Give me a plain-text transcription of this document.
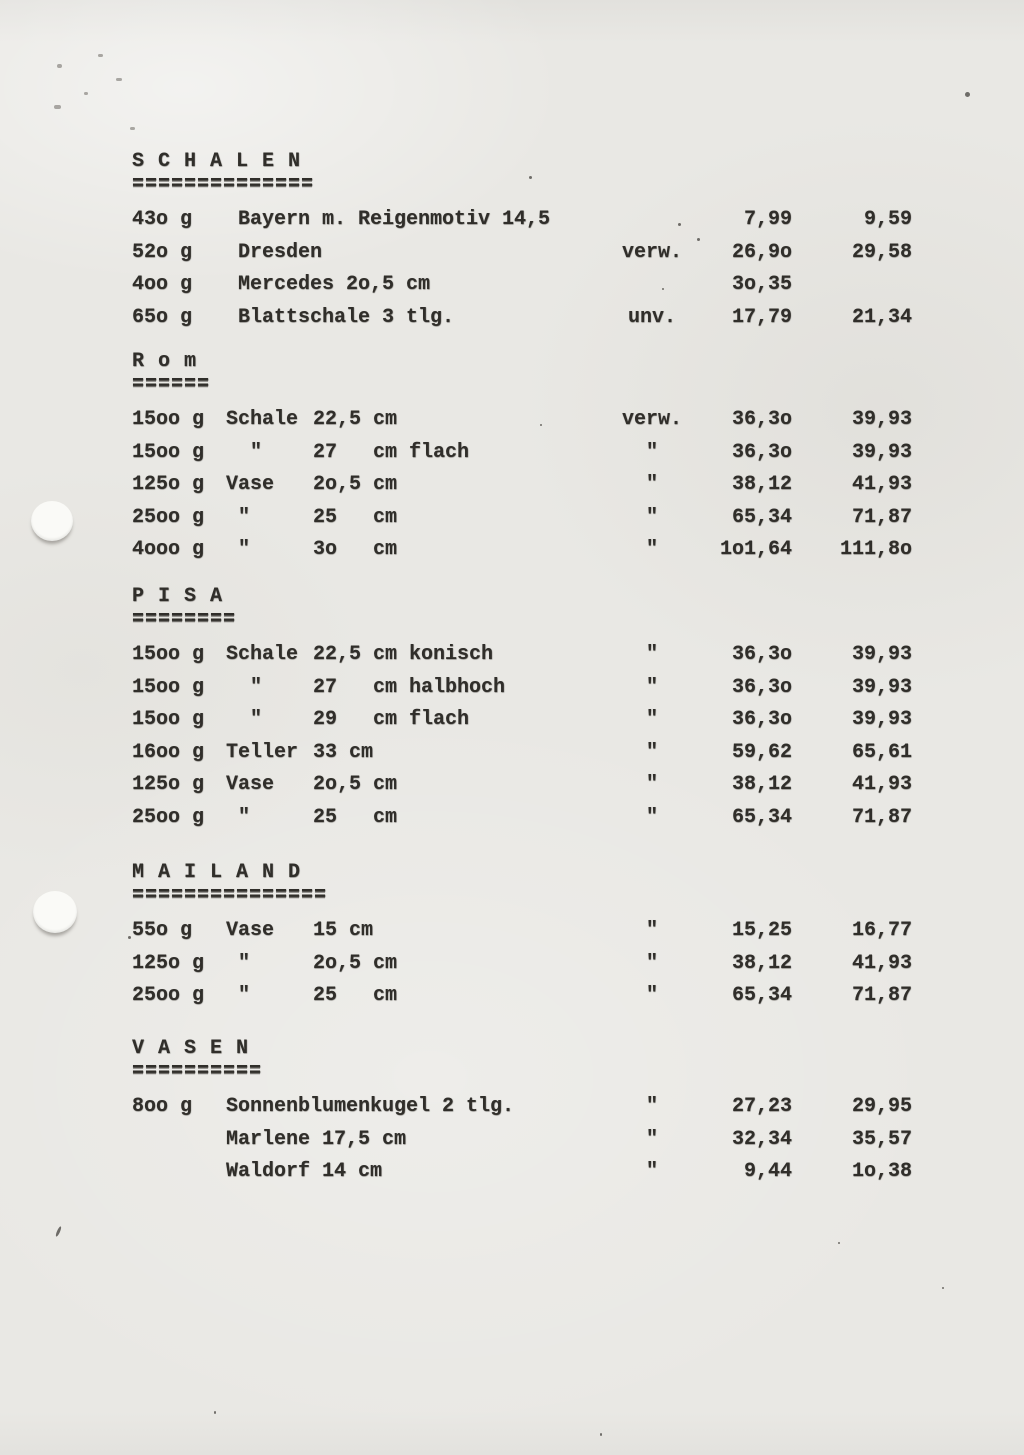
S C H A L E N
==============
43o g Bayern m. Reigenmotiv 14,5	7,99	9,59
52o g Dresden	verw.	26,9o	29,58
4oo g Mercedes 2o,5 cm	3o,35
65o g Blattschale 3 tlg.	unv.	17,79	21,34
R o m
======
15oo g Schale 22,5 cm	verw.	36,3o	39,93
15oo g "	27   cm flach	"	36,3o	39,93
125o g Vase 2o,5 cm	"	38,12	41,93
25oo g "	25   cm	"	65,34	71,87
4ooo g "	3o   cm	"	1o1,64	111,8o
P I S A
========
15oo g Schale 22,5 cm konisch	"	36,3o	39,93
15oo g "	27   cm halbhoch	"	36,3o	39,93
15oo g "	29   cm flach	"	36,3o	39,93
16oo g Teller 33 cm	"	59,62	65,61
125o g Vase 2o,5 cm	"	38,12	41,93
25oo g "	25   cm	"	65,34	71,87
M A I L A N D
===============
55o g Vase 15 cm	"	15,25	16,77
125o g "	2o,5 cm	"	38,12	41,93
25oo g "	25   cm	"	65,34	71,87
V A S E N
==========
8oo g Sonnenblumenkugel 2 tlg.	"	27,23	29,95
Marlene 17,5 cm	"	32,34	35,57
Waldorf 14 cm	"	9,44	1o,38
